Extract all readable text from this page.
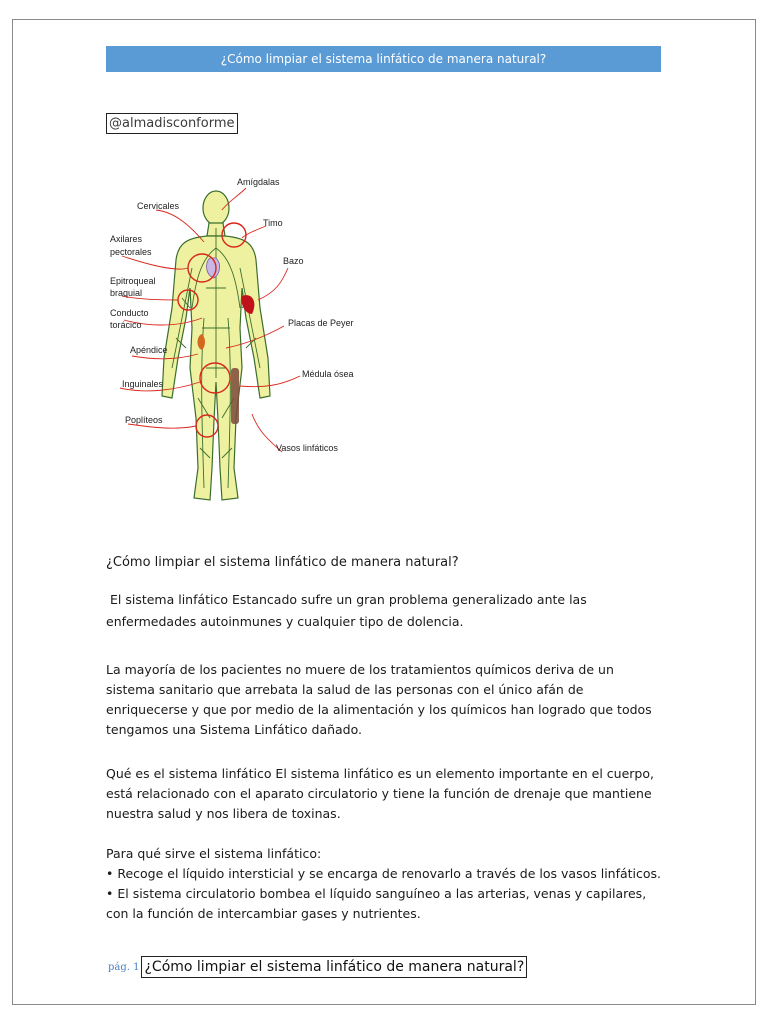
¿Cómo limpiar el sistema linfático de manera natural?
@almadisconforme
Amígdalas
Cervicales
Timo
Axilares
pectorales
Bazo
Epitroqueal
braquial
Conducto
torácico	Placas de Peyer
Apéndice
Médula ósea
Inguinales
Poplíteos
Vasos linfáticos
¿Cómo limpiar el sistema linfático de manera natural?
El sistema linfático Estancado sufre un gran problema generalizado ante las enfermedades autoinmunes y cualquier tipo de dolencia.
La mayoría de los pacientes no muere de los tratamientos químicos deriva de un sistema sanitario que arrebata la salud de las personas con el único afán de enriquecerse y que por medio de la alimentación y los químicos han logrado que todos tengamos una Sistema Linfático dañado.
Qué es el sistema linfático El sistema linfático es un elemento importante en el cuerpo, está relacionado con el aparato circulatorio y tiene la función de drenaje que mantiene nuestra salud y nos libera de toxinas.
Para qué sirve el sistema linfático:
• Recoge el líquido intersticial y se encarga de renovarlo a través de los vasos linfáticos.
• El sistema circulatorio bombea el líquido sanguíneo a las arterias, venas y capilares, con la función de intercambiar gases y nutrientes.
pág. 1 ¿Cómo limpiar el sistema linfático de manera natural?
